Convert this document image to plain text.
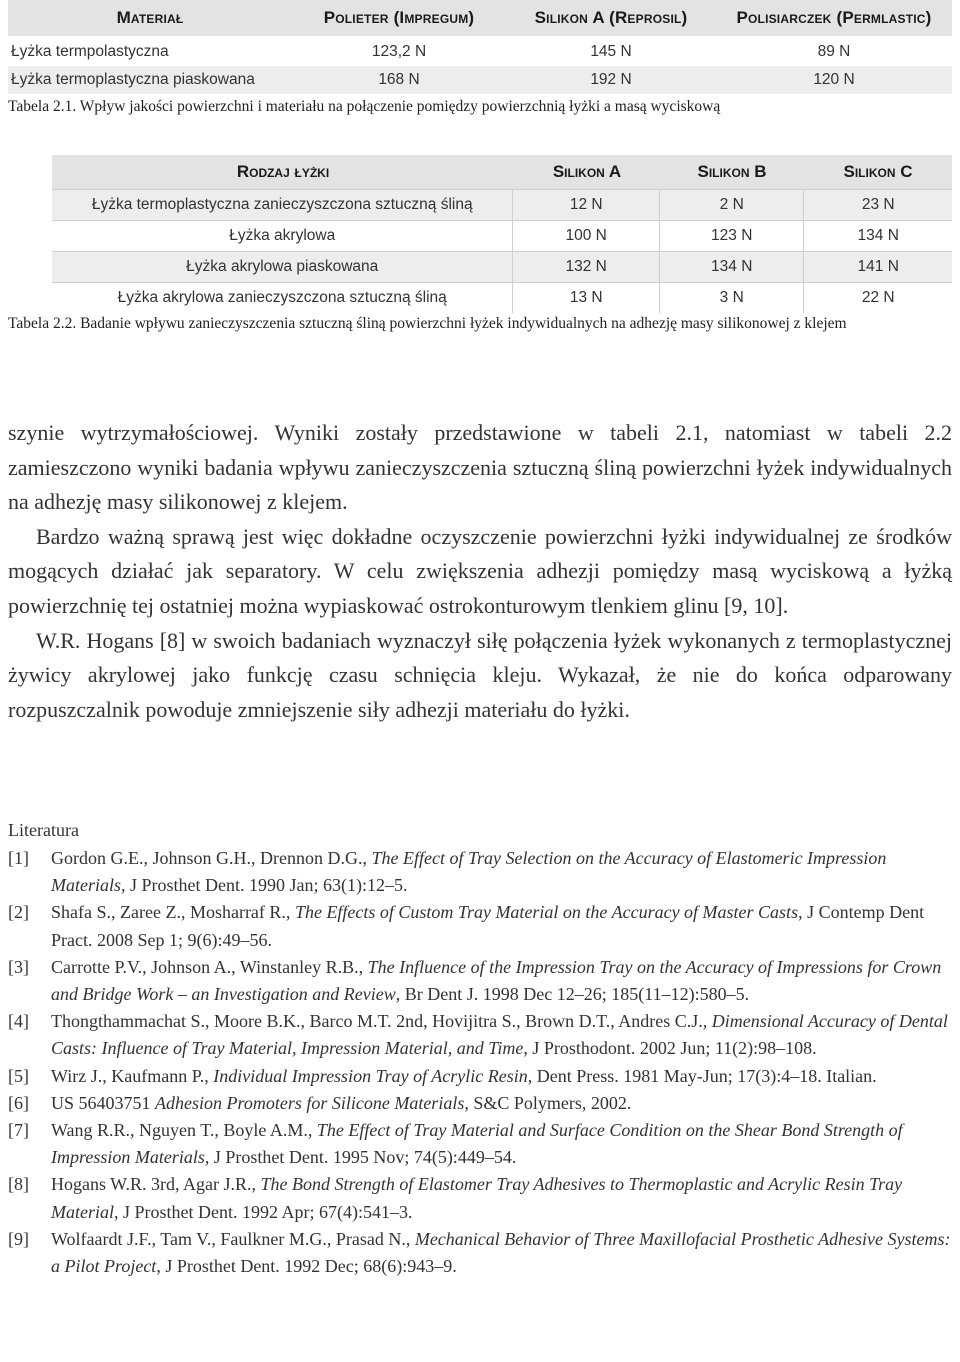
Materiał	Polieter (Impregum)	Silikon A (Reprosil)	Polisiarczek (Permlastic)
Łyżka termpolastyczna	123,2 N	145 N	89 N
Łyżka termoplastyczna piaskowana	168 N	192 N	120 N
Tabela 2.1. Wpływ jakości powierzchni i materiału na połączenie pomiędzy powierzchnią łyżki a masą wyciskową
Rodzaj łyżki	Silikon A	Silikon B	Silikon C
Łyżka termoplastyczna zanieczyszczona sztuczną śliną	12 N	2 N	23 N
Łyżka akrylowa	100 N	123 N	134 N
Łyżka akrylowa piaskowana	132 N	134 N	141 N
Łyżka akrylowa zanieczyszczona sztuczną śliną	13 N	3 N	22 N
Tabela 2.2. Badanie wpływu zanieczyszczenia sztuczną śliną powierzchni łyżek indywidualnych na adhezję masy silikonowej z klejem

szynie wytrzymałościowej. Wyniki zostały przedstawione w tabeli 2.1, natomiast w tabeli 2.2 zamieszczono wyniki badania wpływu zanieczyszczenia sztuczną śliną powierzchni łyżek indywidualnych na adhezję masy silikonowej z klejem.

Bardzo ważną sprawą jest więc dokładne oczyszczenie powierzchni łyżki indywidualnej ze środków mogących działać jak separatory. W celu zwiększenia adhezji pomiędzy masą wyciskową a łyżką powierzchnię tej ostatniej można wypiaskować ostrokonturowym tlenkiem glinu [9, 10].

W.R. Hogans [8] w swoich badaniach wyznaczył siłę połączenia łyżek wykonanych z termoplastycznej żywicy akrylowej jako funkcję czasu schnięcia kleju. Wykazał, że nie do końca odparowany rozpuszczalnik powoduje zmniejszenie siły adhezji materiału do łyżki.

Literatura
[1]	Gordon G.E., Johnson G.H., Drennon D.G., The Effect of Tray Selection on the Accuracy of Elastomeric Impression Materials, J Prosthet Dent. 1990 Jan; 63(1):12–5.
[2]	Shafa S., Zaree Z., Mosharraf R., The Effects of Custom Tray Material on the Accuracy of Master Casts, J Contemp Dent Pract. 2008 Sep 1; 9(6):49–56.
[3]	Carrotte P.V., Johnson A., Winstanley R.B., The Influence of the Impression Tray on the Accuracy of Impressions for Crown and Bridge Work – an Investigation and Review, Br Dent J. 1998 Dec 12–26; 185(11–12):580–5.
[4]	Thongthammachat S., Moore B.K., Barco M.T. 2nd, Hovijitra S., Brown D.T., Andres C.J., Dimensional Accuracy of Dental Casts: Influence of Tray Material, Impression Material, and Time, J Prosthodont. 2002 Jun; 11(2):98–108.
[5]	Wirz J., Kaufmann P., Individual Impression Tray of Acrylic Resin, Dent Press. 1981 May-Jun; 17(3):4–18. Italian.
[6]	US 56403751 Adhesion Promoters for Silicone Materials, S&C Polymers, 2002.
[7]	Wang R.R., Nguyen T., Boyle A.M., The Effect of Tray Material and Surface Condition on the Shear Bond Strength of Impression Materials, J Prosthet Dent. 1995 Nov; 74(5):449–54.
[8]	Hogans W.R. 3rd, Agar J.R., The Bond Strength of Elastomer Tray Adhesives to Thermoplastic and Acrylic Resin Tray Material, J Prosthet Dent. 1992 Apr; 67(4):541–3.
[9]	Wolfaardt J.F., Tam V., Faulkner M.G., Prasad N., Mechanical Behavior of Three Maxillofacial Prosthetic Adhesive Systems: a Pilot Project, J Prosthet Dent. 1992 Dec; 68(6):943–9.
